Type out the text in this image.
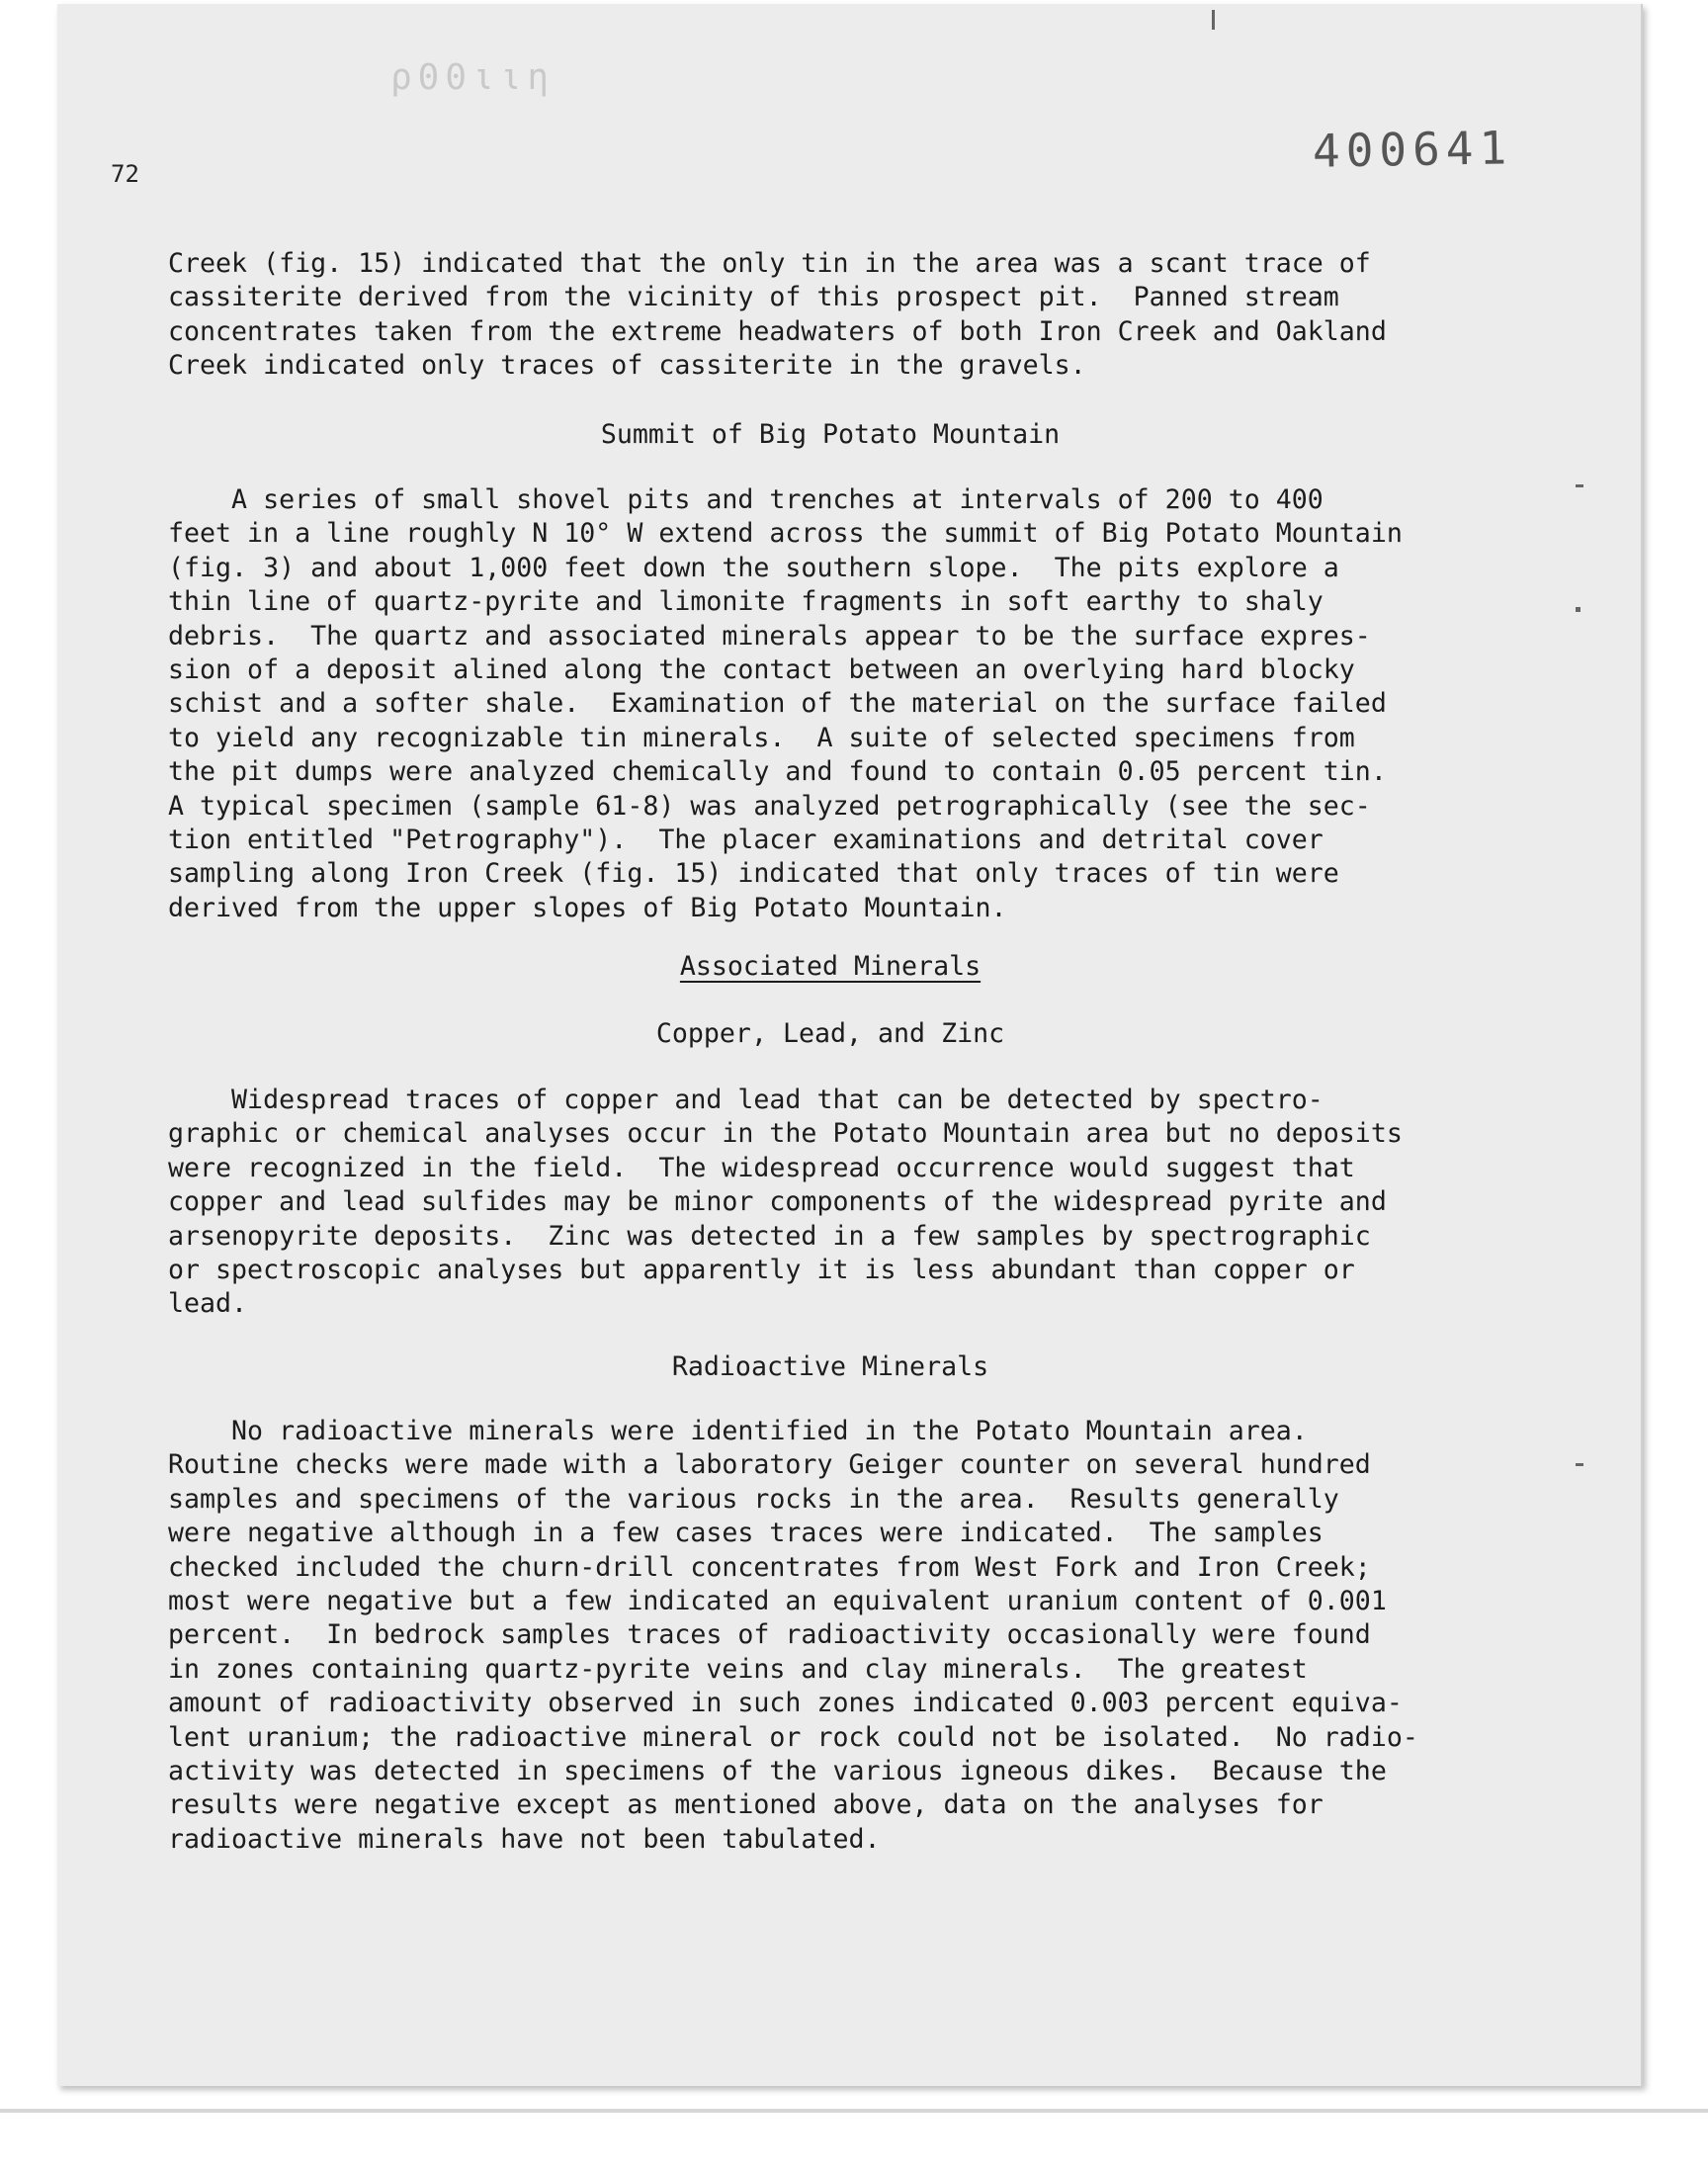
ρ00ιιη
72	400641

Creek (fig. 15) indicated that the only tin in the area was a scant trace of
cassiterite derived from the vicinity of this prospect pit.  Panned stream
concentrates taken from the extreme headwaters of both Iron Creek and Oakland
Creek indicated only traces of cassiterite in the gravels.

Summit of Big Potato Mountain

A series of small shovel pits and trenches at intervals of 200 to 400
feet in a line roughly N 10° W extend across the summit of Big Potato Mountain
(fig. 3) and about 1,000 feet down the southern slope.  The pits explore a
thin line of quartz-pyrite and limonite fragments in soft earthy to shaly
debris.  The quartz and associated minerals appear to be the surface expres-
sion of a deposit alined along the contact between an overlying hard blocky
schist and a softer shale.  Examination of the material on the surface failed
to yield any recognizable tin minerals.  A suite of selected specimens from
the pit dumps were analyzed chemically and found to contain 0.05 percent tin.
A typical specimen (sample 61-8) was analyzed petrographically (see the sec-
tion entitled "Petrography").  The placer examinations and detrital cover
sampling along Iron Creek (fig. 15) indicated that only traces of tin were
derived from the upper slopes of Big Potato Mountain.

Associated Minerals
Copper, Lead, and Zinc

Widespread traces of copper and lead that can be detected by spectro-
graphic or chemical analyses occur in the Potato Mountain area but no deposits
were recognized in the field.  The widespread occurrence would suggest that
copper and lead sulfides may be minor components of the widespread pyrite and
arsenopyrite deposits.  Zinc was detected in a few samples by spectrographic
or spectroscopic analyses but apparently it is less abundant than copper or
lead.

Radioactive Minerals

No radioactive minerals were identified in the Potato Mountain area.
Routine checks were made with a laboratory Geiger counter on several hundred
samples and specimens of the various rocks in the area.  Results generally
were negative although in a few cases traces were indicated.  The samples
checked included the churn-drill concentrates from West Fork and Iron Creek;
most were negative but a few indicated an equivalent uranium content of 0.001
percent.  In bedrock samples traces of radioactivity occasionally were found
in zones containing quartz-pyrite veins and clay minerals.  The greatest
amount of radioactivity observed in such zones indicated 0.003 percent equiva-
lent uranium; the radioactive mineral or rock could not be isolated.  No radio-
activity was detected in specimens of the various igneous dikes.  Because the
results were negative except as mentioned above, data on the analyses for
radioactive minerals have not been tabulated.
